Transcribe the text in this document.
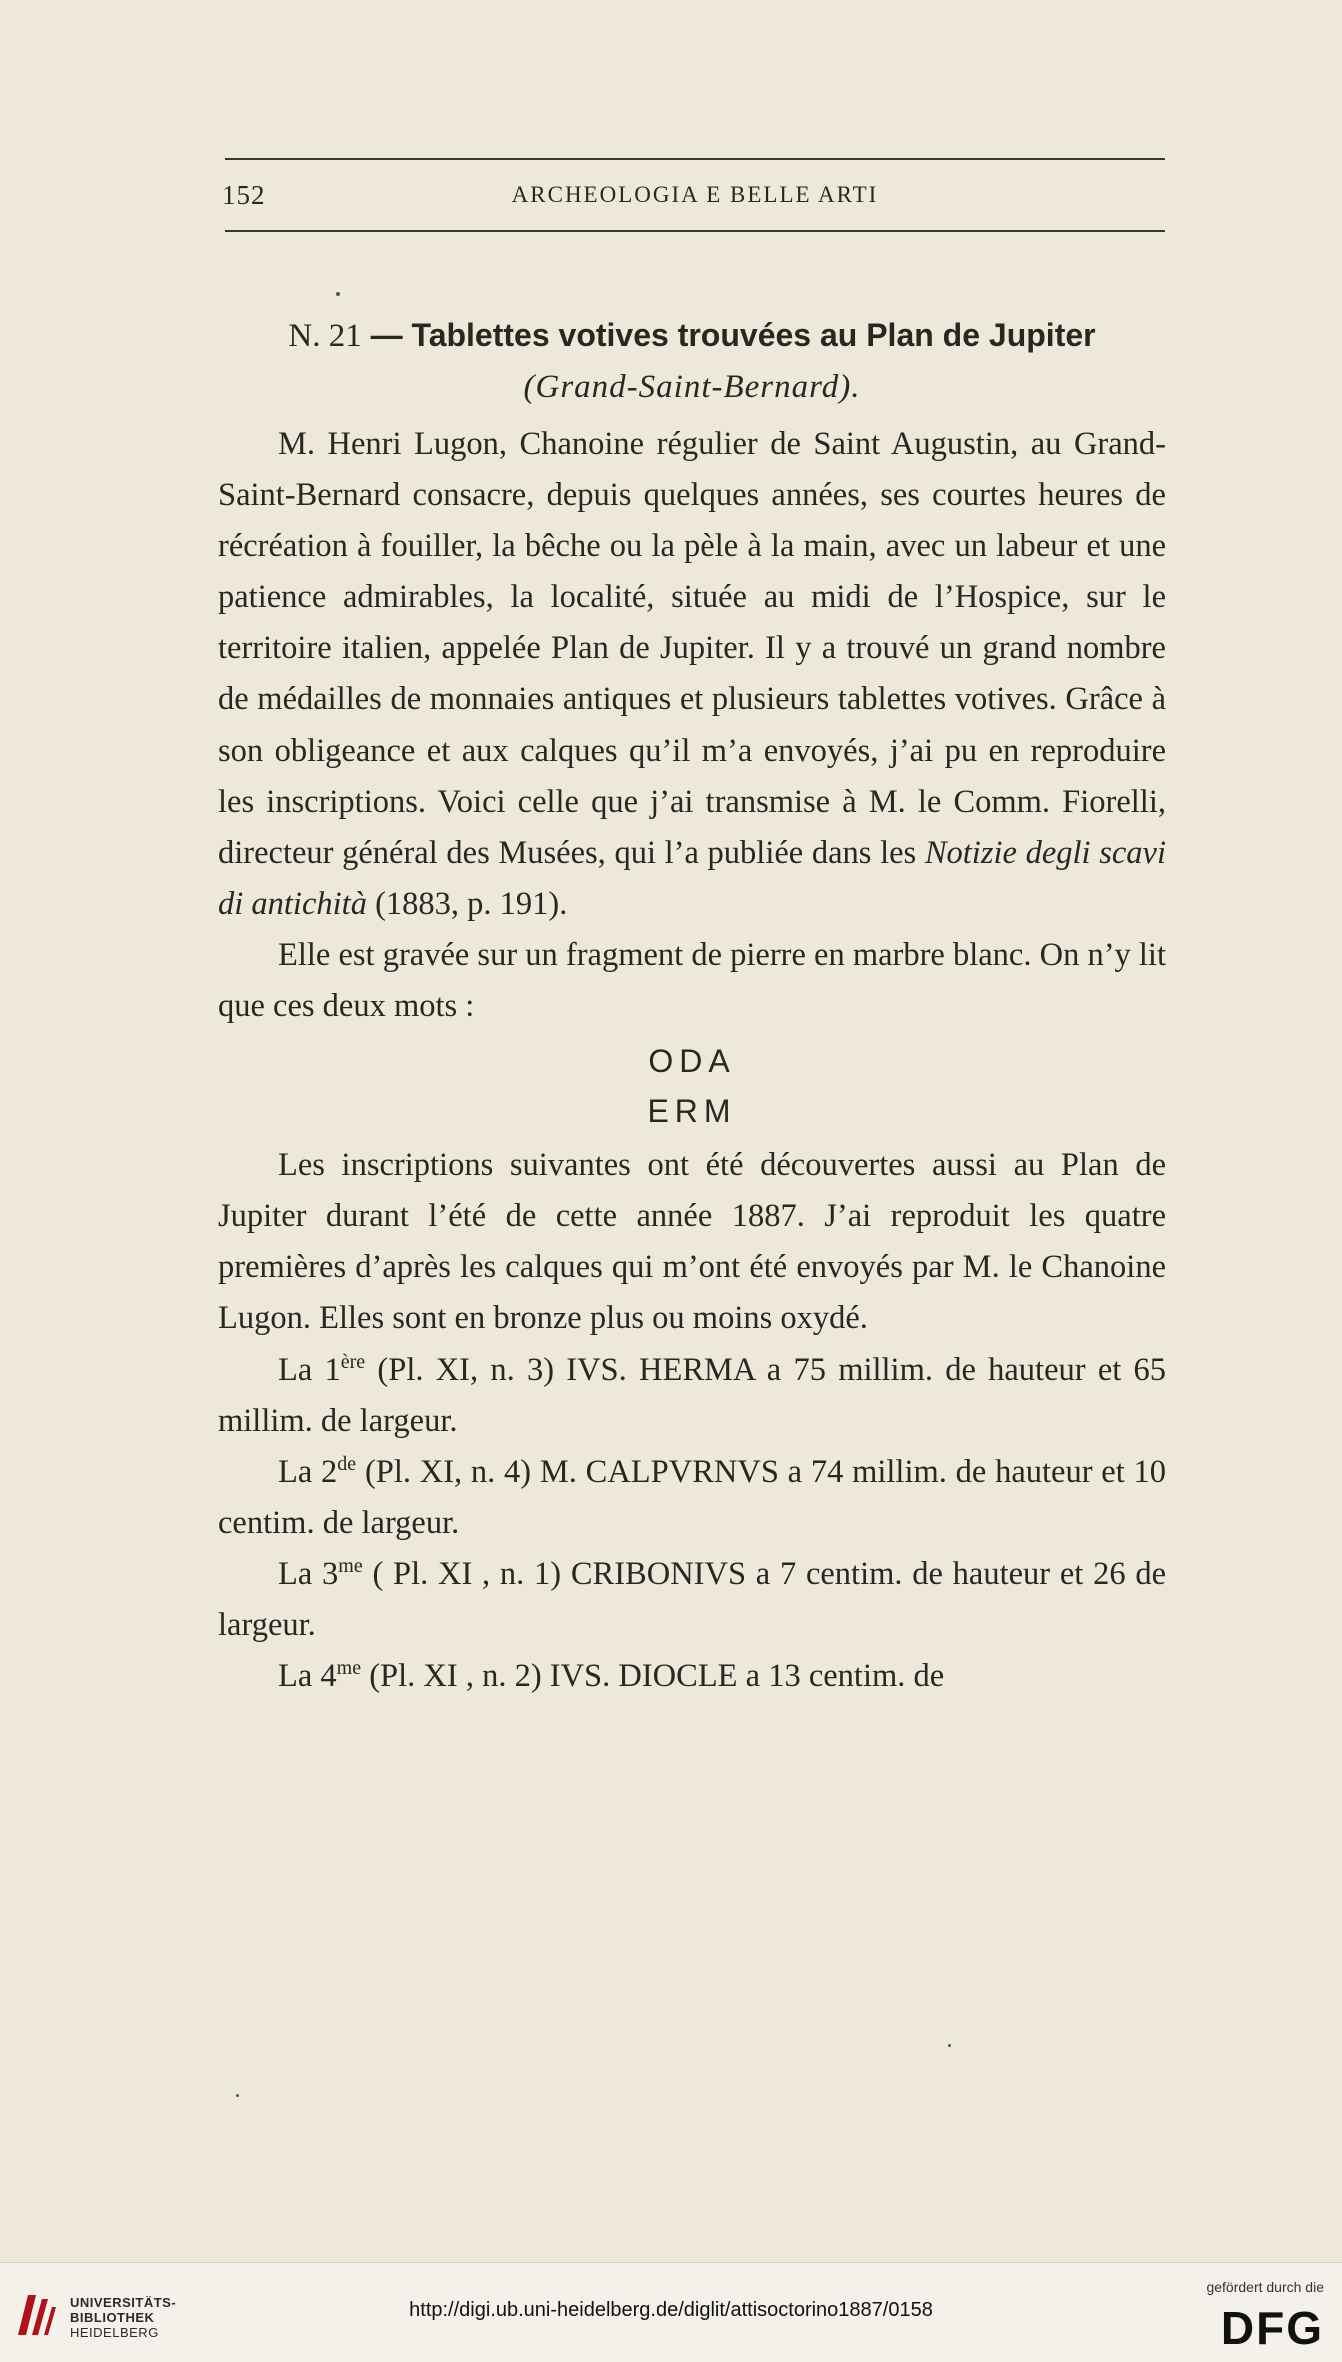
152	ARCHEOLOGIA E BELLE ARTI
N. 21 — Tablettes votives trouvées au Plan de Jupiter
(Grand-Saint-Bernard).

M. Henri Lugon, Chanoine régulier de Saint Augustin, au Grand-Saint-Bernard consacre, depuis quelques années, ses courtes heures de récréation à fouiller, la bêche ou la pèle à la main, avec un labeur et une patience admirables, la localité, située au midi de l’Hospice, sur le territoire italien, appelée Plan de Jupiter. Il y a trouvé un grand nombre de médailles de monnaies antiques et plusieurs tablettes votives. Grâce à son obligeance et aux calques qu’il m’a envoyés, j’ai pu en reproduire les inscriptions. Voici celle que j’ai transmise à M. le Comm. Fiorelli, directeur général des Musées, qui l’a publiée dans les Notizie degli scavi di antichità (1883, p. 191).

Elle est gravée sur un fragment de pierre en marbre blanc. On n’y lit que ces deux mots :

ODA
ERM

Les inscriptions suivantes ont été découvertes aussi au Plan de Jupiter durant l’été de cette année 1887. J’ai reproduit les quatre premières d’après les calques qui m’ont été envoyés par M. le Chanoine Lugon. Elles sont en bronze plus ou moins oxydé.

La 1ère (Pl. XI, n. 3) IVS. HERMA a 75 millim. de hauteur et 65 millim. de largeur.

La 2de (Pl. XI, n. 4) M. CALPVRNVS a 74 millim. de hauteur et 10 centim. de largeur.

La $3^{me}$ ( Pl. XI , n. 1) CRIBONIVS a 7 centim. de hauteur et 26 de largeur.

La $4^{me}$ (Pl. XI , n. 2) IVS. DIOCLE a 13 centim. de

UNIVERSITÄTS-
BIBLIOTHEK
HEIDELBERG
http://digi.ub.uni-heidelberg.de/diglit/attisoctorino1887/0158
gefördert durch die
DFG
